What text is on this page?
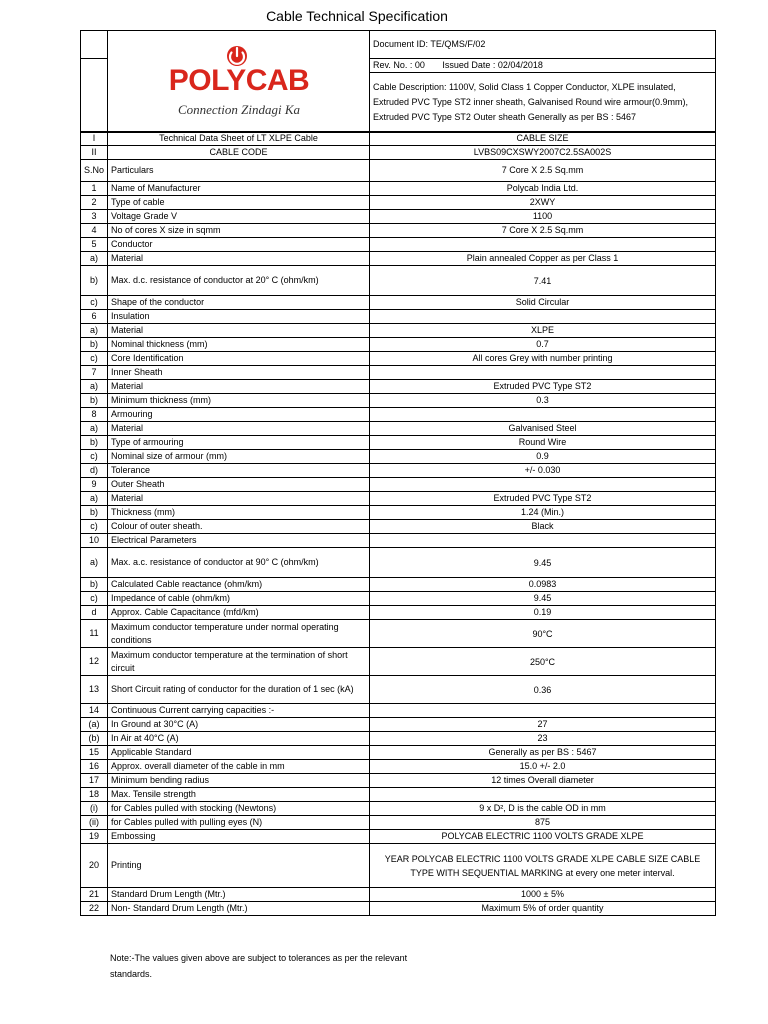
Cable Technical Specification

POLYCAB
Connection Zindagi Ka	Document ID: TE/QMS/F/02
		Rev. No. : 00       Issued Date : 02/04/2018
		Cable Description: 1100V, Solid Class 1 Copper Conductor, XLPE insulated, Extruded PVC Type ST2 inner sheath, Galvanised Round wire armour(0.9mm), Extruded PVC Type ST2 Outer sheath Generally as per BS : 5467
I	Technical Data Sheet of LT XLPE Cable	CABLE SIZE
II	CABLE CODE	LVBS09CXSWY2007C2.5SA002S
S.No	Particulars	7 Core X 2.5 Sq.mm
1	Name of Manufacturer	Polycab India Ltd.
2	Type of cable	2XWY
3	Voltage Grade V	1100
4	No of cores X size in sqmm	7 Core X 2.5 Sq.mm
5	Conductor	
a)	Material	Plain annealed Copper as per Class 1
b)	Max. d.c. resistance of conductor at 20° C (ohm/km)	7.41
c)	Shape of the conductor	Solid Circular
6	Insulation	
a)	Material	XLPE
b)	Nominal thickness (mm)	0.7
c)	Core Identification	All cores Grey with number printing
7	Inner Sheath	
a)	Material	Extruded PVC Type ST2
b)	Minimum thickness (mm)	0.3
8	Armouring	
a)	Material	Galvanised Steel
b)	Type of armouring	Round Wire
c)	Nominal size of armour (mm)	0.9
d)	Tolerance	+/- 0.030
9	Outer Sheath	
a)	Material	Extruded PVC Type ST2
b)	Thickness (mm)	1.24 (Min.)
c)	Colour of outer sheath.	Black
10	Electrical Parameters	
a)	Max. a.c. resistance of conductor at 90° C (ohm/km)	9.45
b)	Calculated Cable reactance (ohm/km)	0.0983
c)	Impedance of cable (ohm/km)	9.45
d	Approx. Cable Capacitance (mfd/km)	0.19
11	Maximum conductor temperature under normal operating conditions	90°C
12	Maximum conductor temperature at the termination of short circuit	250°C
13	Short Circuit rating of conductor for the duration of 1 sec (kA)	0.36
14	Continuous Current carrying capacities :-	
(a)	In Ground at 30°C (A)	27
(b)	In Air at 40°C (A)	23
15	Applicable Standard	Generally as per BS : 5467
16	Approx. overall diameter of the cable in mm	15.0 +/- 2.0
17	Minimum bending radius	12 times Overall diameter
18	Max. Tensile strength	
(i)	for Cables pulled with stocking (Newtons)	9 x D², D is the cable OD in mm
(ii)	for Cables pulled with pulling eyes (N)	875
19	Embossing	POLYCAB ELECTRIC 1100 VOLTS GRADE XLPE
20	Printing	YEAR POLYCAB ELECTRIC 1100 VOLTS GRADE XLPE CABLE SIZE CABLE TYPE WITH SEQUENTIAL MARKING at every one meter interval.
21	Standard Drum Length (Mtr.)	1000 ± 5%
22	Non- Standard Drum Length (Mtr.)	Maximum 5% of order quantity
Note:-The values given above are subject to tolerances as per the relevant standards.
